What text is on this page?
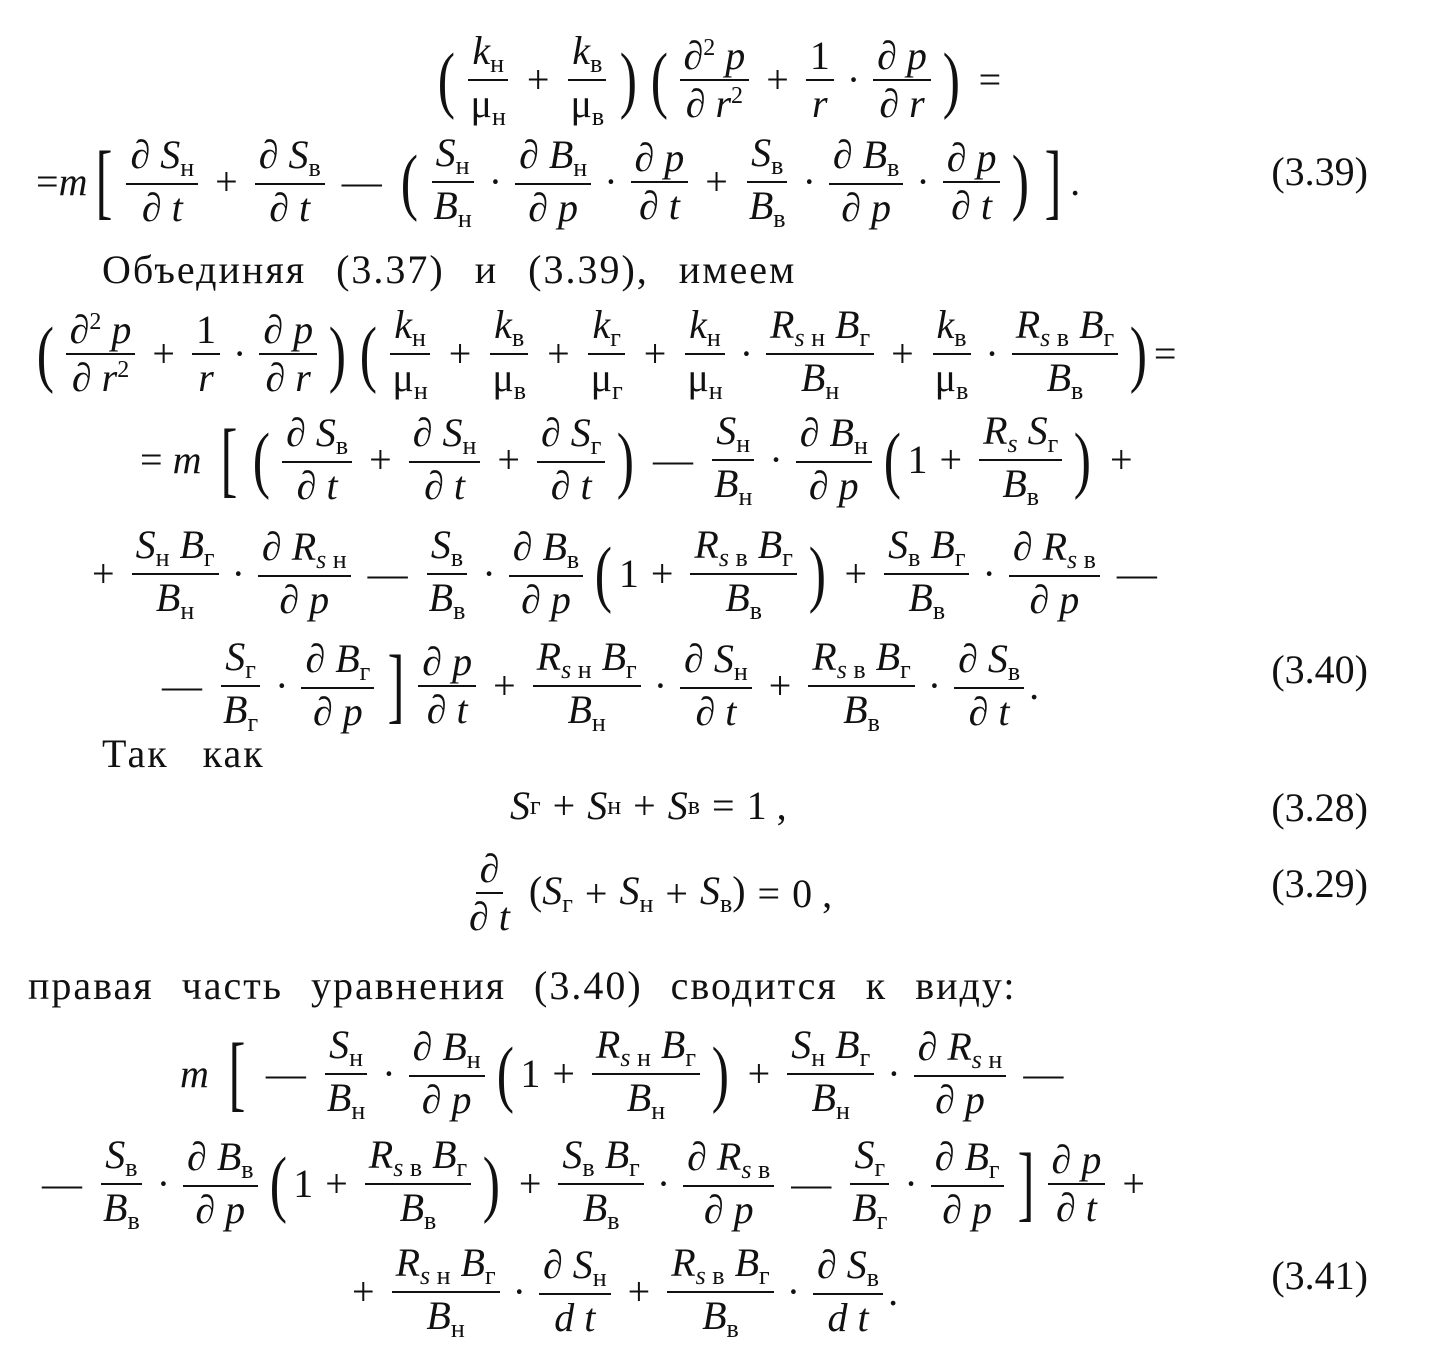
( $\frac{k_н}{\mu_н} + \frac{k_в}{\mu_в}$ ) ( $\frac{\partial^2 p}{\partial r^2} + \frac{1}{r} \cdot \frac{\partial p}{\partial r}$ ) =
=m [ $\frac{\partial S_н}{\partial t} + \frac{\partial S_в}{\partial t}$ — ( $\frac{S_н}{B_н} \cdot \frac{\partial B_н}{\partial p} \cdot \frac{\partial p}{\partial t} + \frac{S_в}{B_в} \cdot \frac{\partial B_в}{\partial p} \cdot \frac{\partial p}{\partial t}$ ) ] .	(3.39)
Объединяя (3.37) и (3.39), имеем
( $\frac{\partial^2 p}{\partial r^2} + \frac{1}{r} \cdot \frac{\partial p}{\partial r}$ ) ( $\frac{k_н}{\mu_н} + \frac{k_в}{\mu_в} + \frac{k_г}{\mu_г} + \frac{k_н}{\mu_н} \cdot \frac{R_{s н} B_г}{B_н} + \frac{k_в}{\mu_в} \cdot \frac{R_{s в} B_г}{B_в}$ ) =
= m [ ( $\frac{\partial S_в}{\partial t} + \frac{\partial S_н}{\partial t} + \frac{\partial S_г}{\partial t}$ ) — $\frac{S_н}{B_н} \cdot \frac{\partial B_н}{\partial p}$ ( $1 + \frac{R_s S_г}{B_в}$ ) +
+ $\frac{S_н B_г}{B_н} \cdot \frac{\partial R_{s н}}{\partial p}$ — $\frac{S_в}{B_в} \cdot \frac{\partial B_в}{\partial p}$ ( $1 + \frac{R_{s в} B_г}{B_в}$ ) + $\frac{S_в B_г}{B_в} \cdot \frac{\partial R_{s в}}{\partial p}$ —
— $\frac{S_г}{B_г} \cdot \frac{\partial B_г}{\partial p}$ ] $\frac{\partial p}{\partial t} + \frac{R_{s н} B_г}{B_н} \cdot \frac{\partial S_н}{\partial t} + \frac{R_{s в} B_г}{B_в} \cdot \frac{\partial S_в}{\partial t}$ .	(3.40)
Так как
S г + S н + S в = 1 ,	(3.28)
$\frac{\partial}{\partial t} (S_г + S_н + S_в) = 0$ ,	(3.29)
правая часть уравнения (3.40) сводится к виду:
m [ — $\frac{S_н}{B_н} \cdot \frac{\partial B_н}{\partial p}$ ( $1 + \frac{R_{s н} B_г}{B_н}$ ) + $\frac{S_н B_г}{B_н} \cdot \frac{\partial R_{s н}}{\partial p}$ —
— $\frac{S_в}{B_в} \cdot \frac{\partial B_в}{\partial p}$ ( $1 + \frac{R_{s в} B_г}{B_в}$ ) + $\frac{S_в B_г}{B_в} \cdot \frac{\partial R_{s в}}{\partial p}$ — $\frac{S_г}{B_г} \cdot \frac{\partial B_г}{\partial p}$ ] $\frac{\partial p}{\partial t}$ +
+ $\frac{R_{s н} B_г}{B_н} \cdot \frac{\partial S_н}{\text{d t}} + \frac{R_{s в} B_г}{B_в} \cdot \frac{\partial S_в}{\text{d t}}$ .	(3.41)
